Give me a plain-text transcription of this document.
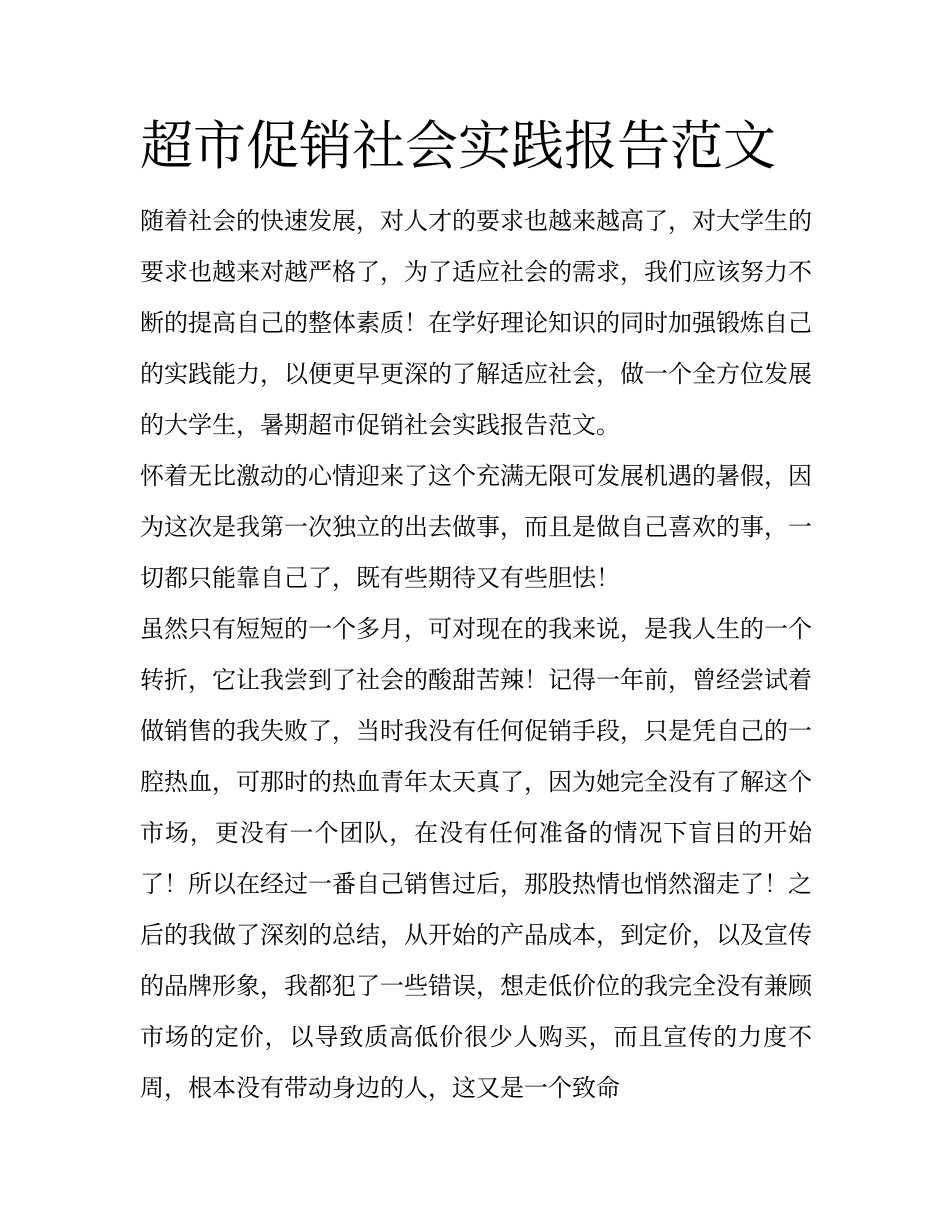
超市促销社会实践报告范文

随着社会的快速发展，对人才的要求也越来越高了，对大学生的要求也越来对越严格了，为了适应社会的需求，我们应该努力不断的提高自己的整体素质！在学好理论知识的同时加强锻炼自己的实践能力，以便更早更深的了解适应社会，做一个全方位发展的大学生，暑期超市促销社会实践报告范文。

怀着无比激动的心情迎来了这个充满无限可发展机遇的暑假，因为这次是我第一次独立的出去做事，而且是做自己喜欢的事，一切都只能靠自己了，既有些期待又有些胆怯！

虽然只有短短的一个多月，可对现在的我来说，是我人生的一个转折，它让我尝到了社会的酸甜苦辣！记得一年前，曾经尝试着做销售的我失败了，当时我没有任何促销手段，只是凭自己的一腔热血，可那时的热血青年太天真了，因为她完全没有了解这个市场，更没有一个团队，在没有任何准备的情况下盲目的开始了！所以在经过一番自己销售过后，那股热情也悄然溜走了！之后的我做了深刻的总结，从开始的产品成本，到定价，以及宣传的品牌形象，我都犯了一些错误，想走低价位的我完全没有兼顾市场的定价，以导致质高低价很少人购买，而且宣传的力度不周，根本没有带动身边的人，这又是一个致命
